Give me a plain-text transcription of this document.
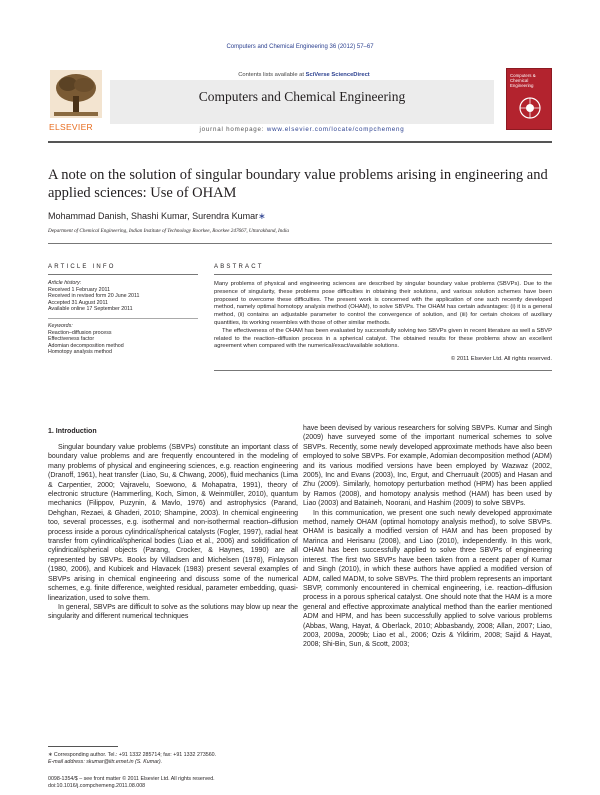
Computers and Chemical Engineering 36 (2012) 57–67
ELSEVIER
Contents lists available at SciVerse ScienceDirect
Computers and Chemical Engineering
journal homepage: www.elsevier.com/locate/compchemeng
Computers & Chemical Engineering
A note on the solution of singular boundary value problems arising in engineering and applied sciences: Use of OHAM
Mohammad Danish, Shashi Kumar, Surendra Kumar∗
Department of Chemical Engineering, Indian Institute of Technology Roorkee, Roorkee 247667, Uttarakhand, India
ARTICLE INFO
Article history:
Received 1 February 2011
Received in revised form 20 June 2011
Accepted 31 August 2011
Available online 17 September 2011
Keywords:
Reaction–diffusion process
Effectiveness factor
Adomian decomposition method
Homotopy analysis method
ABSTRACT

Many problems of physical and engineering sciences are described by singular boundary value problems (SBVPs). Due to the presence of singularity, these problems pose difficulties in obtaining their solutions, and various solution schemes have been proposed to overcome these difficulties. The present work is concerned with the application of one such recently developed method, namely optimal homotopy analysis method (OHAM), to solve SBVPs. The OHAM has certain advantages: (i) it is a general method, (ii) contains an adjustable parameter to control the convergence of solution, and (iii) for certain choices of auxiliary quantities, its working resembles with those of other similar methods.

The effectiveness of the OHAM has been evaluated by successfully solving two SBVPs given in recent literature as well a SBVP related to the reaction–diffusion process in a spherical catalyst. The obtained results for these problems show an excellent agreement when compared with the numerical/exact/available solutions.

© 2011 Elsevier Ltd. All rights reserved.
1. Introduction

Singular boundary value problems (SBVPs) constitute an important class of boundary value problems and are frequently encountered in the modeling of many problems of physical and engineering sciences, e.g. reaction engineering (Dranoff, 1961), heat transfer (Liao, Su, & Chwang, 2006), fluid mechanics (Lima & Carpentier, 2000; Vajravelu, Soewono, & Mohapatra, 1991), theory of electronic structure (Hammerling, Koch, Simon, & Weinmüller, 2010), quantum mechanics (Filippov, Puzynin, & Mavlo, 1976) and astrophysics (Parand, Dehghan, Rezaei, & Ghaderi, 2010; Shampine, 2003). In chemical engineering too, several processes, e.g. isothermal and non-isothermal reaction–diffusion process inside a porous cylindrical/spherical catalysts (Fogler, 1997), radial heat transfer from cylindrical/spherical bodies (Liao et al., 2006) and solidification of cylindrical/spherical objects (Parang, Crocker, & Haynes, 1990) are all represented by SBVPs. Books by Villadsen and Michelsen (1978), Finlayson (1980, 2006), and Kubicek and Hlavacek (1983) present several examples of SBVPs arising in chemical engineering and discuss some of the numerical schemes, e.g. finite difference, weighted residual, parameter embedding, quasi-linearization, used to solve them.

In general, SBVPs are difficult to solve as the solutions may blow up near the singularity and different numerical techniques

have been devised by various researchers for solving SBVPs. Kumar and Singh (2009) have surveyed some of the important numerical schemes to solve SBVPs. Recently, some newly developed approximate methods have also been employed to solve SBVPs. For example, Adomian decomposition method (ADM) and its various modified versions have been employed by Wazwaz (2002, 2005), Inc and Evans (2003), Inc, Ergut, and Cherruault (2005) and Hasan and Zhu (2009). Similarly, homotopy perturbation method (HPM) has been applied by Ramos (2008), and homotopy analysis method (HAM) has been used by Liao (2003) and Bataineh, Noorani, and Hashim (2009) to solve SBVPs.

In this communication, we present one such newly developed approximate method, namely OHAM (optimal homotopy analysis method), to solve SBVPs. OHAM is basically a modified version of HAM and has been proposed by Marinca and Herisanu (2008), and Liao (2010), independently. In this work, OHAM has been successfully applied to solve three SBVPs of engineering interest. The first two SBVPs have been taken from a recent paper of Kumar and Singh (2010), in which these authors have applied a modified version of ADM, called MADM, to solve SBVPs. The third problem represents an important SBVP, commonly encountered in chemical engineering, i.e. reaction–diffusion process in a porous spherical catalyst. One should note that the HAM is a more general and effective approximate analytical method than the earlier mentioned ADM and HPM, and has been successfully applied to solve various problems (Abbas, Wang, Hayat, & Oberlack, 2010; Abbasbandy, 2008; Allan, 2007; Liao, 2003, 2009a, 2009b; Liao et al., 2006; Ozis & Yildirim, 2008; Sajid & Hayat, 2008; Shi-Bin, Sun, & Scott, 2003;

∗ Corresponding author. Tel.: +91 1332 285714; fax: +91 1332 273560.
E-mail address: skumar@iitr.ernet.in (S. Kumar).
0098-1354/$ – see front matter © 2011 Elsevier Ltd. All rights reserved.
doi:10.1016/j.compchemeng.2011.08.008
